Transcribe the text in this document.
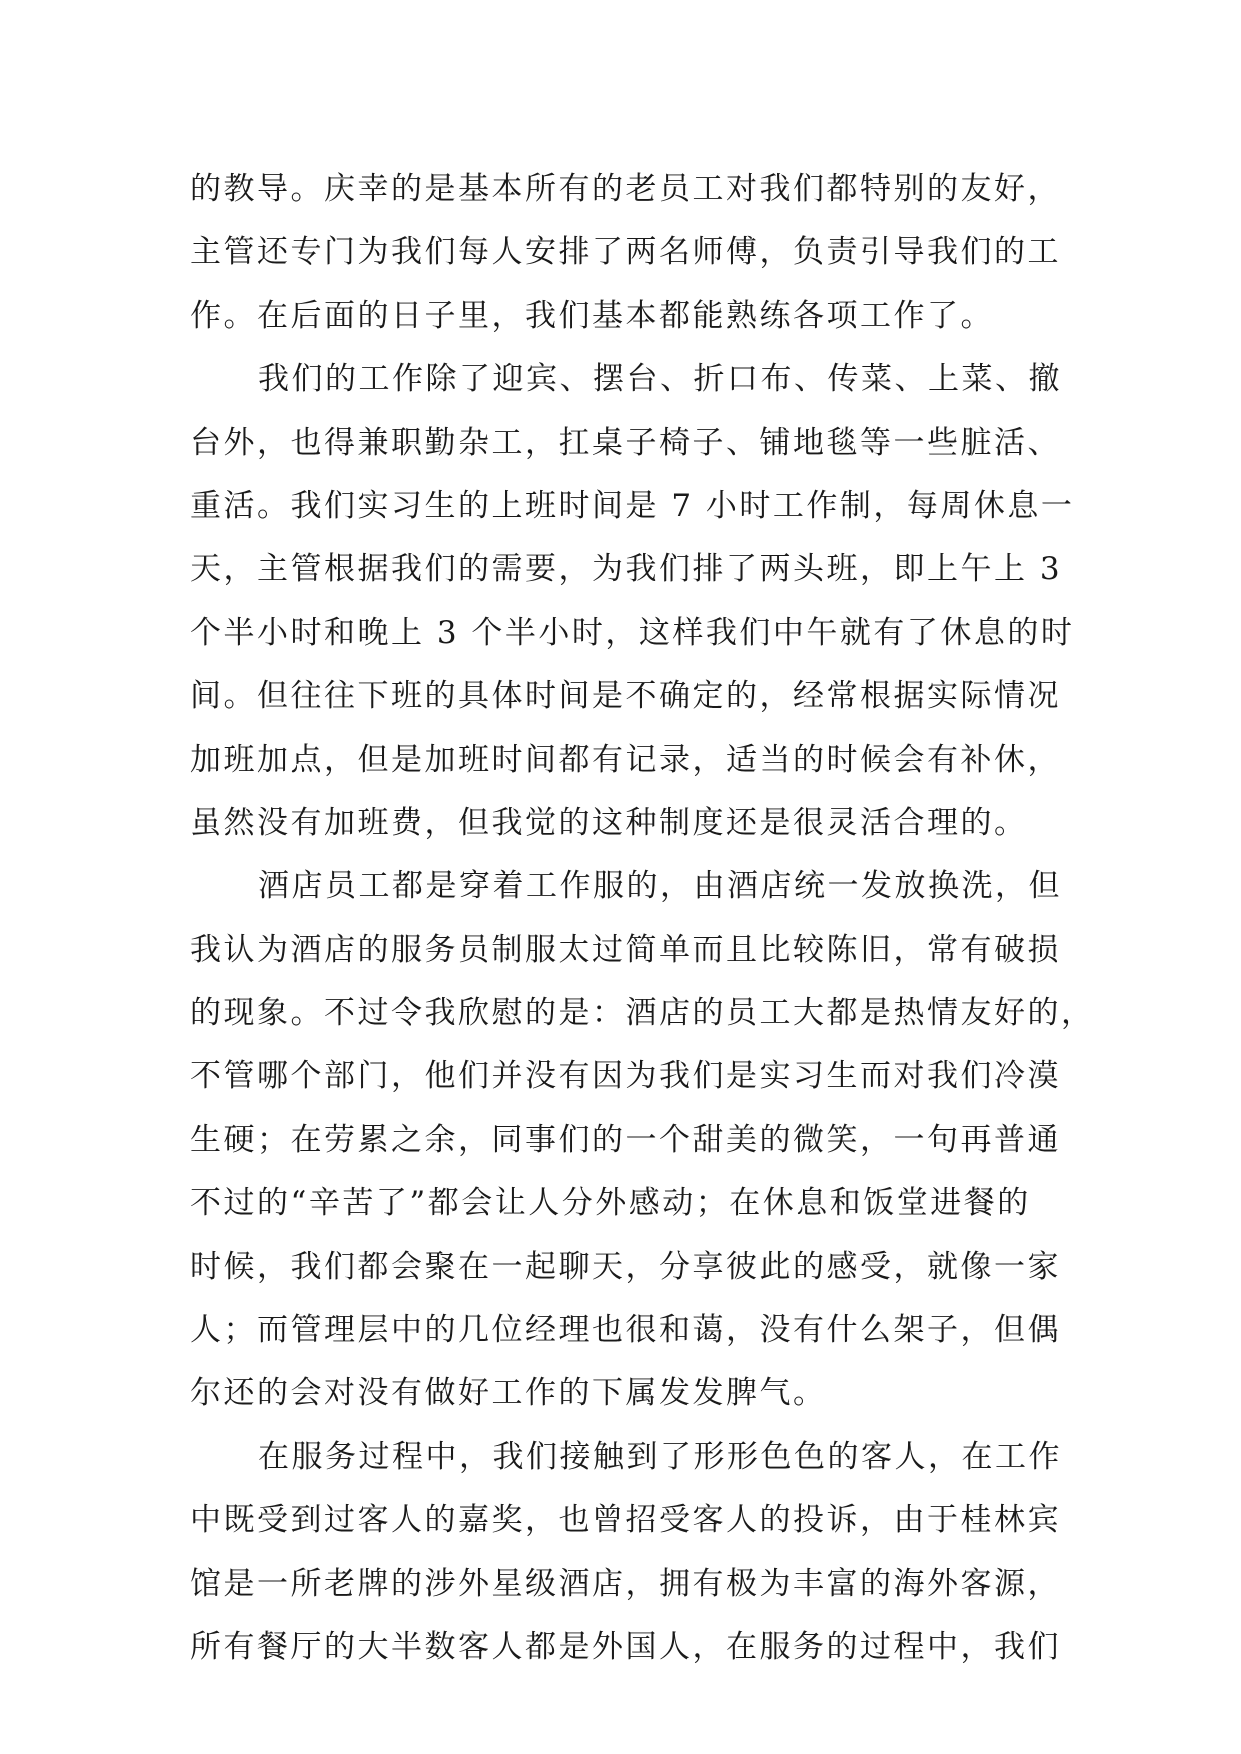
的教导。庆幸的是基本所有的老员工对我们都特别的友好，
主管还专门为我们每人安排了两名师傅，负责引导我们的工
作。在后面的日子里，我们基本都能熟练各项工作了。
我们的工作除了迎宾、摆台、折口布、传菜、上菜、撤
台外，也得兼职勤杂工，扛桌子椅子、铺地毯等一些脏活、
重活。我们实习生的上班时间是 7 小时工作制，每周休息一
天，主管根据我们的需要，为我们排了两头班，即上午上 3
个半小时和晚上 3 个半小时，这样我们中午就有了休息的时
间。但往往下班的具体时间是不确定的，经常根据实际情况
加班加点，但是加班时间都有记录，适当的时候会有补休，
虽然没有加班费，但我觉的这种制度还是很灵活合理的。
酒店员工都是穿着工作服的，由酒店统一发放换洗，但
我认为酒店的服务员制服太过简单而且比较陈旧，常有破损
的现象。不过令我欣慰的是：酒店的员工大都是热情友好的，
不管哪个部门，他们并没有因为我们是实习生而对我们冷漠
生硬；在劳累之余，同事们的一个甜美的微笑，一句再普通
不过的“辛苦了”都会让人分外感动；在休息和饭堂进餐的
时候，我们都会聚在一起聊天，分享彼此的感受，就像一家
人；而管理层中的几位经理也很和蔼，没有什么架子，但偶
尔还的会对没有做好工作的下属发发脾气。
在服务过程中，我们接触到了形形色色的客人，在工作
中既受到过客人的嘉奖，也曾招受客人的投诉，由于桂林宾
馆是一所老牌的涉外星级酒店，拥有极为丰富的海外客源，
所有餐厅的大半数客人都是外国人，在服务的过程中，我们
